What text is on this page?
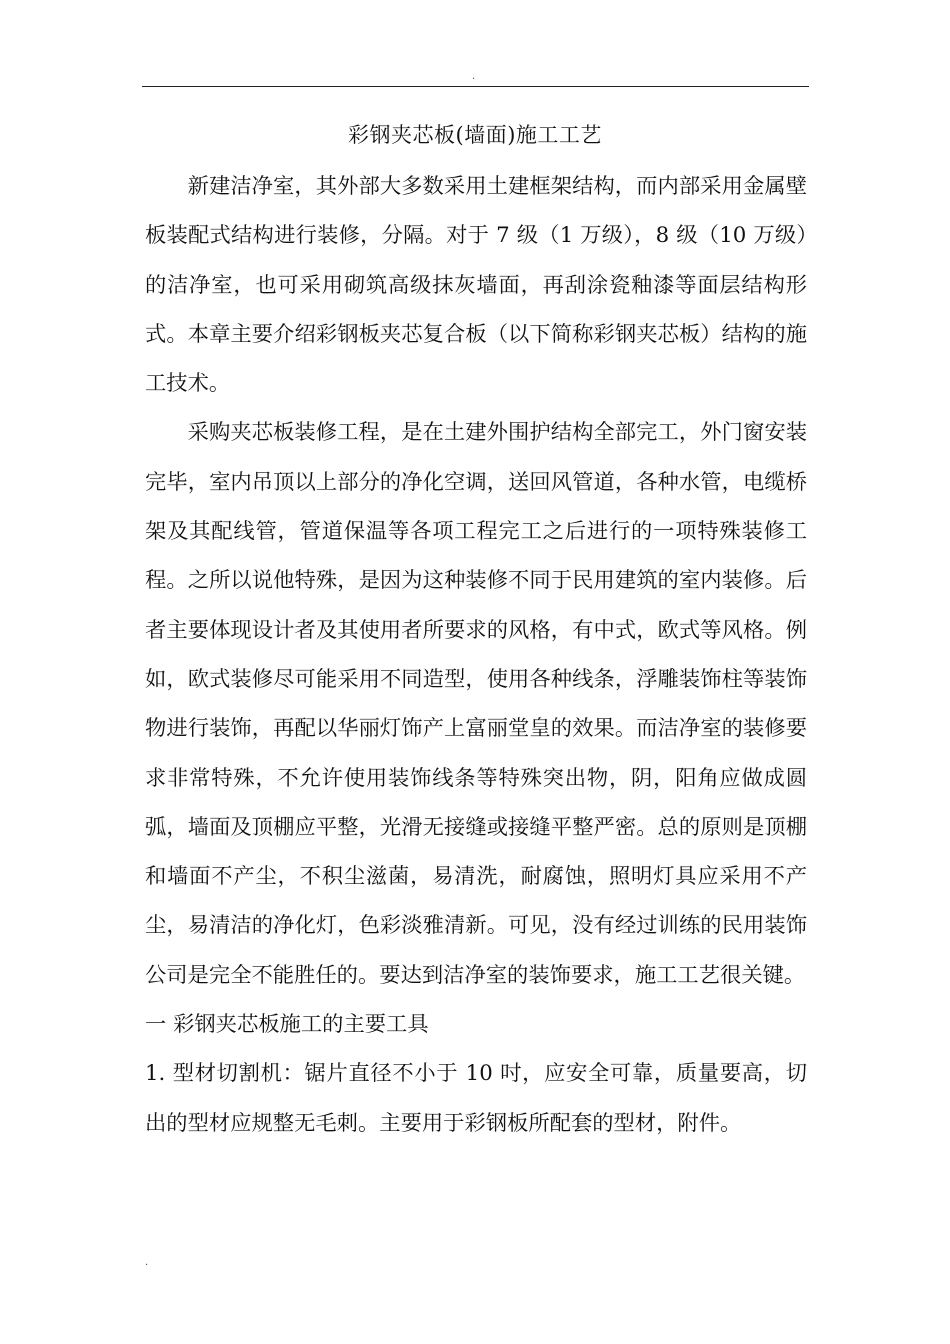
.
彩钢夹芯板(墙面)施工工艺

新建洁净室，其外部大多数采用土建框架结构，而内部采用金属壁板装配式结构进行装修，分隔。对于 7 级（1 万级），8 级（10 万级）的洁净室，也可采用砌筑高级抹灰墙面，再刮涂瓷釉漆等面层结构形式。本章主要介绍彩钢板夹芯复合板（以下简称彩钢夹芯板）结构的施工技术。

采购夹芯板装修工程，是在土建外围护结构全部完工，外门窗安装完毕，室内吊顶以上部分的净化空调，送回风管道，各种水管，电缆桥架及其配线管，管道保温等各项工程完工之后进行的一项特殊装修工程。之所以说他特殊，是因为这种装修不同于民用建筑的室内装修。后者主要体现设计者及其使用者所要求的风格，有中式，欧式等风格。例如，欧式装修尽可能采用不同造型，使用各种线条，浮雕装饰柱等装饰物进行装饰，再配以华丽灯饰产上富丽堂皇的效果。而洁净室的装修要求非常特殊，不允许使用装饰线条等特殊突出物，阴，阳角应做成圆弧，墙面及顶棚应平整，光滑无接缝或接缝平整严密。总的原则是顶棚和墙面不产尘，不积尘滋菌，易清洗，耐腐蚀，照明灯具应采用不产尘，易清洁的净化灯，色彩淡雅清新。可见，没有经过训练的民用装饰公司是完全不能胜任的。要达到洁净室的装饰要求，施工工艺很关键。

一 彩钢夹芯板施工的主要工具

1. 型材切割机：锯片直径不小于 10 吋，应安全可靠，质量要高，切出的型材应规整无毛刺。主要用于彩钢板所配套的型材，附件。

.
